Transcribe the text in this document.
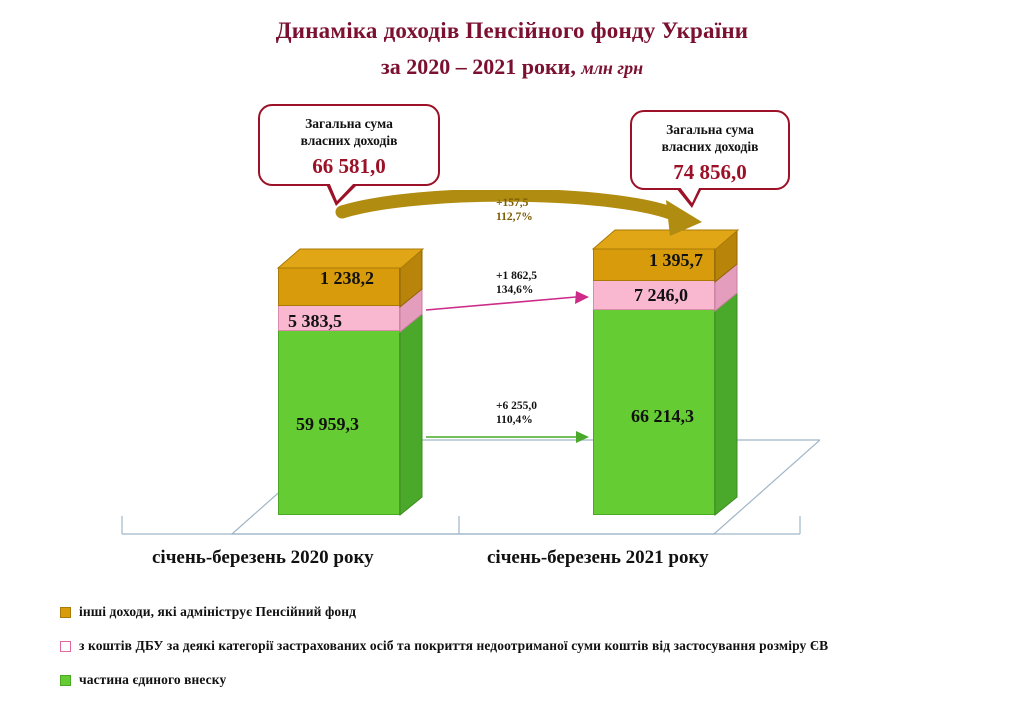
Динаміка доходів Пенсійного фонду України
за 2020 – 2021 роки, млн грн
1 238,2
5 383,5
59 959,3
1 395,7
7 246,0
66 214,3
Загальна сума
власних доходів
66 581,0
Загальна сума
власних доходів
74 856,0
+157,5
112,7%
+1 862,5
134,6%
+6 255,0
110,4%
січень-березень 2020 року	січень-березень 2021 року
інші доходи, які адмініструє Пенсійний фонд
з коштів ДБУ за деякі категорії застрахованих осіб та покриття недоотриманої суми коштів від застосування розміру ЄВ
частина єдиного внеску
